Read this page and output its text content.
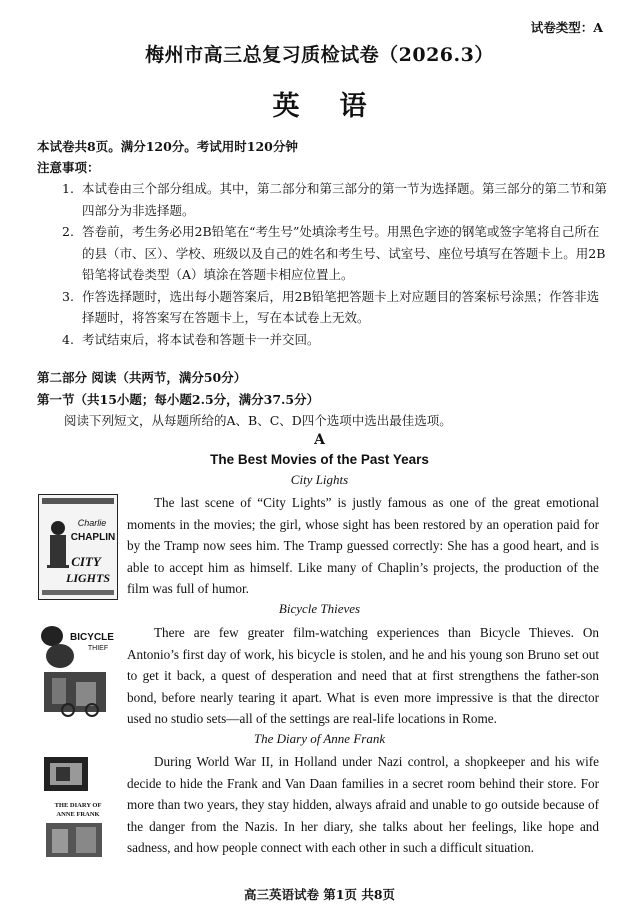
试卷类型：A
梅州市高三总复习质检试卷（2026.3）
英语
本试卷共8页。满分120分。考试用时120分钟
注意事项：
1. 本试卷由三个部分组成。其中，第二部分和第三部分的第一节为选择题。第三部分的第二节和第四部分为非选择题。
2. 答卷前，考生务必用2B铅笔在“考生号”处填涂考生号。用黑色字迹的钢笔或签字笔将自己所在的县（市、区）、学校、班级以及自己的姓名和考生号、试室号、座位号填写在答题卡上。用2B铅笔将试卷类型（A）填涂在答题卡相应位置上。
3. 作答选择题时，选出每小题答案后，用2B铅笔把答题卡上对应题目的答案标号涂黑；作答非选择题时，将答案写在答题卡上，写在本试卷上无效。
4. 考试结束后，将本试卷和答题卡一并交回。
第二部分 阅读（共两节，满分50分）
第一节（共15小题；每小题2.5分，满分37.5分）
阅读下列短文，从每题所给的A、B、C、D四个选项中选出最佳选项。
A
The Best Movies of the Past Years
City Lights
Charlie
CHAPLIN
CITY
LIGHTS

The last scene of “City Lights” is justly famous as one of the great emotional moments in the movies; the girl, whose sight has been restored by an operation paid for by the Tramp now sees him. The Tramp guessed correctly: She has a good heart, and is able to accept him as himself. Like many of Chaplin’s projects, the production of the film was full of humor.

Bicycle Thieves
BICYCLE
THIEF

There are few greater film-watching experiences than Bicycle Thieves. On Antonio’s first day of work, his bicycle is stolen, and he and his young son Bruno set out to get it back, a quest of desperation and need that at first strengthens the father-son bond, before nearly tearing it apart. What is even more impressive is that the director used no studio sets—all of the settings are real-life locations in Rome.

The Diary of Anne Frank
THE DIARY OF
ANNE FRANK

During World War II, in Holland under Nazi control, a shopkeeper and his wife decide to hide the Frank and Van Daan families in a secret room behind their store. For more than two years, they stay hidden, always afraid and unable to go outside because of the danger from the Nazis. In her diary, she talks about her feelings, like hope and sadness, and how people connect with each other in such a difficult situation.

高三英语试卷 第1页 共8页
